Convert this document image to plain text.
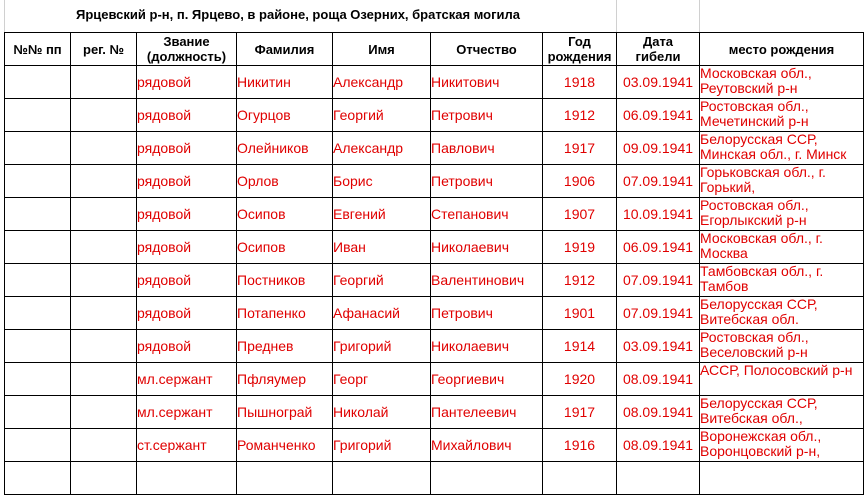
Ярцевский р-н, п. Ярцево, в районе, роща Озерних, братская могила
№№ пп	рег. №	Звание
(должность)	Фамилия	Имя	Отчество	Год
рождения	Дата
гибели	место рождения
		рядовой	Никитин	Александр	Никитович	1918	03.09.1941	Московская обл.,
Реутовский р-н

		рядовой	Огурцов	Георгий	Петрович	1912	06.09.1941	Ростовская обл.,
Мечетинский р-н

		рядовой	Олейников	Александр	Павлович	1917	09.09.1941	Белорусская ССР,
Минская обл., г. Минск

		рядовой	Орлов	Борис	Петрович	1906	07.09.1941	Горьковская обл., г.
Горький,

		рядовой	Осипов	Евгений	Степанович	1907	10.09.1941	Ростовская обл.,
Егорлыкский р-н

		рядовой	Осипов	Иван	Николаевич	1919	06.09.1941	Московская обл., г.
Москва

		рядовой	Постников	Георгий	Валентинович	1912	07.09.1941	Тамбовская обл., г.
Тамбов

		рядовой	Потапенко	Афанасий	Петрович	1901	07.09.1941	Белорусская ССР,
Витебская обл.

		рядовой	Преднев	Григорий	Николаевич	1914	03.09.1941	Ростовская обл.,
Веселовский р-н

		мл.сержант	Пфляумер	Георг	Георгиевич	1920	08.09.1941	АССР, Полосовский р-н

		мл.сержант	Пышнограй	Николай	Пантелеевич	1917	08.09.1941	Белорусская ССР,
Витебская обл.,

		ст.сержант	Романченко	Григорий	Михайлович	1916	08.09.1941	Воронежская обл.,
Воронцовский р-н,
